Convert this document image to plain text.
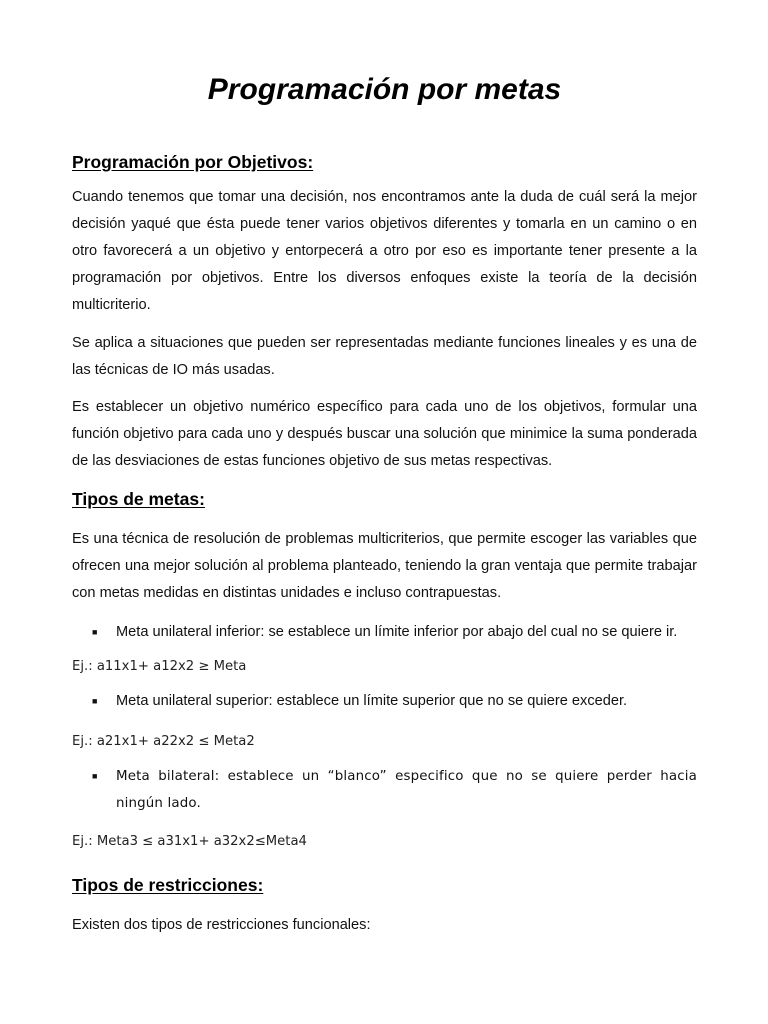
Programación por metas
Programación por Objetivos:

Cuando tenemos que tomar una decisión, nos encontramos ante la duda de cuál será la mejor decisión yaqué que ésta puede tener varios objetivos diferentes y tomarla en un camino o en otro favorecerá a un objetivo y entorpecerá a otro por eso es importante tener presente a la programación por objetivos. Entre los diversos enfoques existe la teoría de la decisión multicriterio.

Se aplica a situaciones que pueden ser representadas mediante funciones lineales y es una de las técnicas de IO más usadas.

Es establecer un objetivo numérico específico para cada uno de los objetivos, formular una función objetivo para cada uno y después buscar una solución que minimice la suma ponderada de las desviaciones de estas funciones objetivo de sus metas respectivas.

Tipos de metas:

Es una técnica de resolución de problemas multicriterios, que permite escoger las variables que ofrecen una mejor solución al problema planteado, teniendo la gran ventaja que permite trabajar con metas medidas en distintas unidades e incluso contrapuestas.

■ Meta unilateral inferior: se establece un límite inferior por abajo del cual no se quiere ir.
Ej.: a11x1+ a12x2 ≥ Meta
■ Meta unilateral superior: establece un límite superior que no se quiere exceder.
Ej.: a21x1+ a22x2 ≤ Meta2
■ Meta bilateral: establece un “blanco” especifico que no se quiere perder hacia ningún lado.
Ej.: Meta3 ≤ a31x1+ a32x2≤Meta4
Tipos de restricciones:

Existen dos tipos de restricciones funcionales:
